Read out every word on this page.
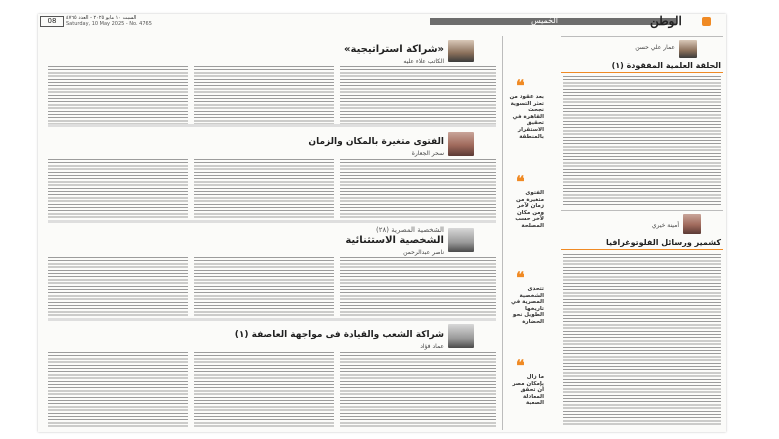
08	السبت ١٠ مايو ٢٠٢٥ - العدد ٤٧٦٥
Saturday, 10 May 2025 - No. 4765	الخميس	الوطن
عمار علي حسن
الحلقة العلمية المفقودة (١)
أمينة خيري
كشمير ورسائل الفلوتوغرافيا
❝
بعد عقود من تعثر التسوية نجحت القاهرة في تحقيق الاستقرار بالمنطقة
❝
الفتوى متغيرة من زمان لآخر ومن مكان لآخر حسب المصلحة
❝
تتحدى الشخصية المصرية في تاريخها الطويل نحو الحضارة
❝
ما زال بإمكان مصر أن تحقق المعادلة الصعبة
«شراكة استراتيجية»
الكاتب علاء عليه
الفتوى متغيرة بالمكان والزمان
سحر الجعارة
الشخصية المصرية (٢٨)
الشخصية الاستثنائية
ناصر عبدالرحمن
شراكة الشعب والقيادة فى مواجهة العاصفة (١)
عماد فؤاد
